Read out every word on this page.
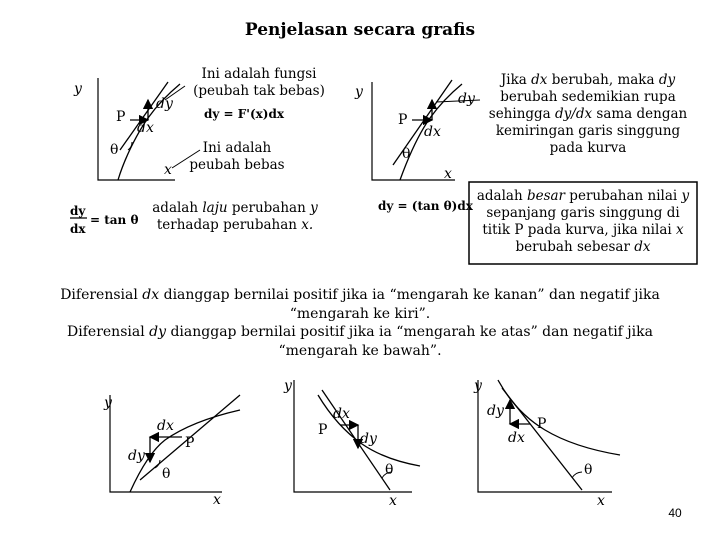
Penjelasan secara grafis
y
x
P
dx
dy
θ
y
x
P
dx
dy
θ
y
x
P
dx
dy
θ
y
x
P
dx
dy
θ
y
x
P
dx
dy
θ
dy = F'(x)dx
dy
dx
= tan θ
dy = (tan θ)dx
Ini adalah fungsi (peubah tak bebas)
Ini adalah peubah bebas
adalah laju perubahan y terhadap perubahan x.
Jika dx berubah, maka dy berubah sedemikian rupa sehingga dy/dx sama dengan kemiringan garis singgung pada kurva
adalah besar perubahan nilai y sepanjang garis singgung di titik P pada kurva, jika nilai x berubah sebesar dx
Diferensial dx dianggap bernilai positif jika ia “mengarah ke kanan” dan negatif jika “mengarah ke kiri”.
Diferensial dy dianggap bernilai positif jika ia “mengarah ke atas” dan negatif jika “mengarah ke bawah”.
40
